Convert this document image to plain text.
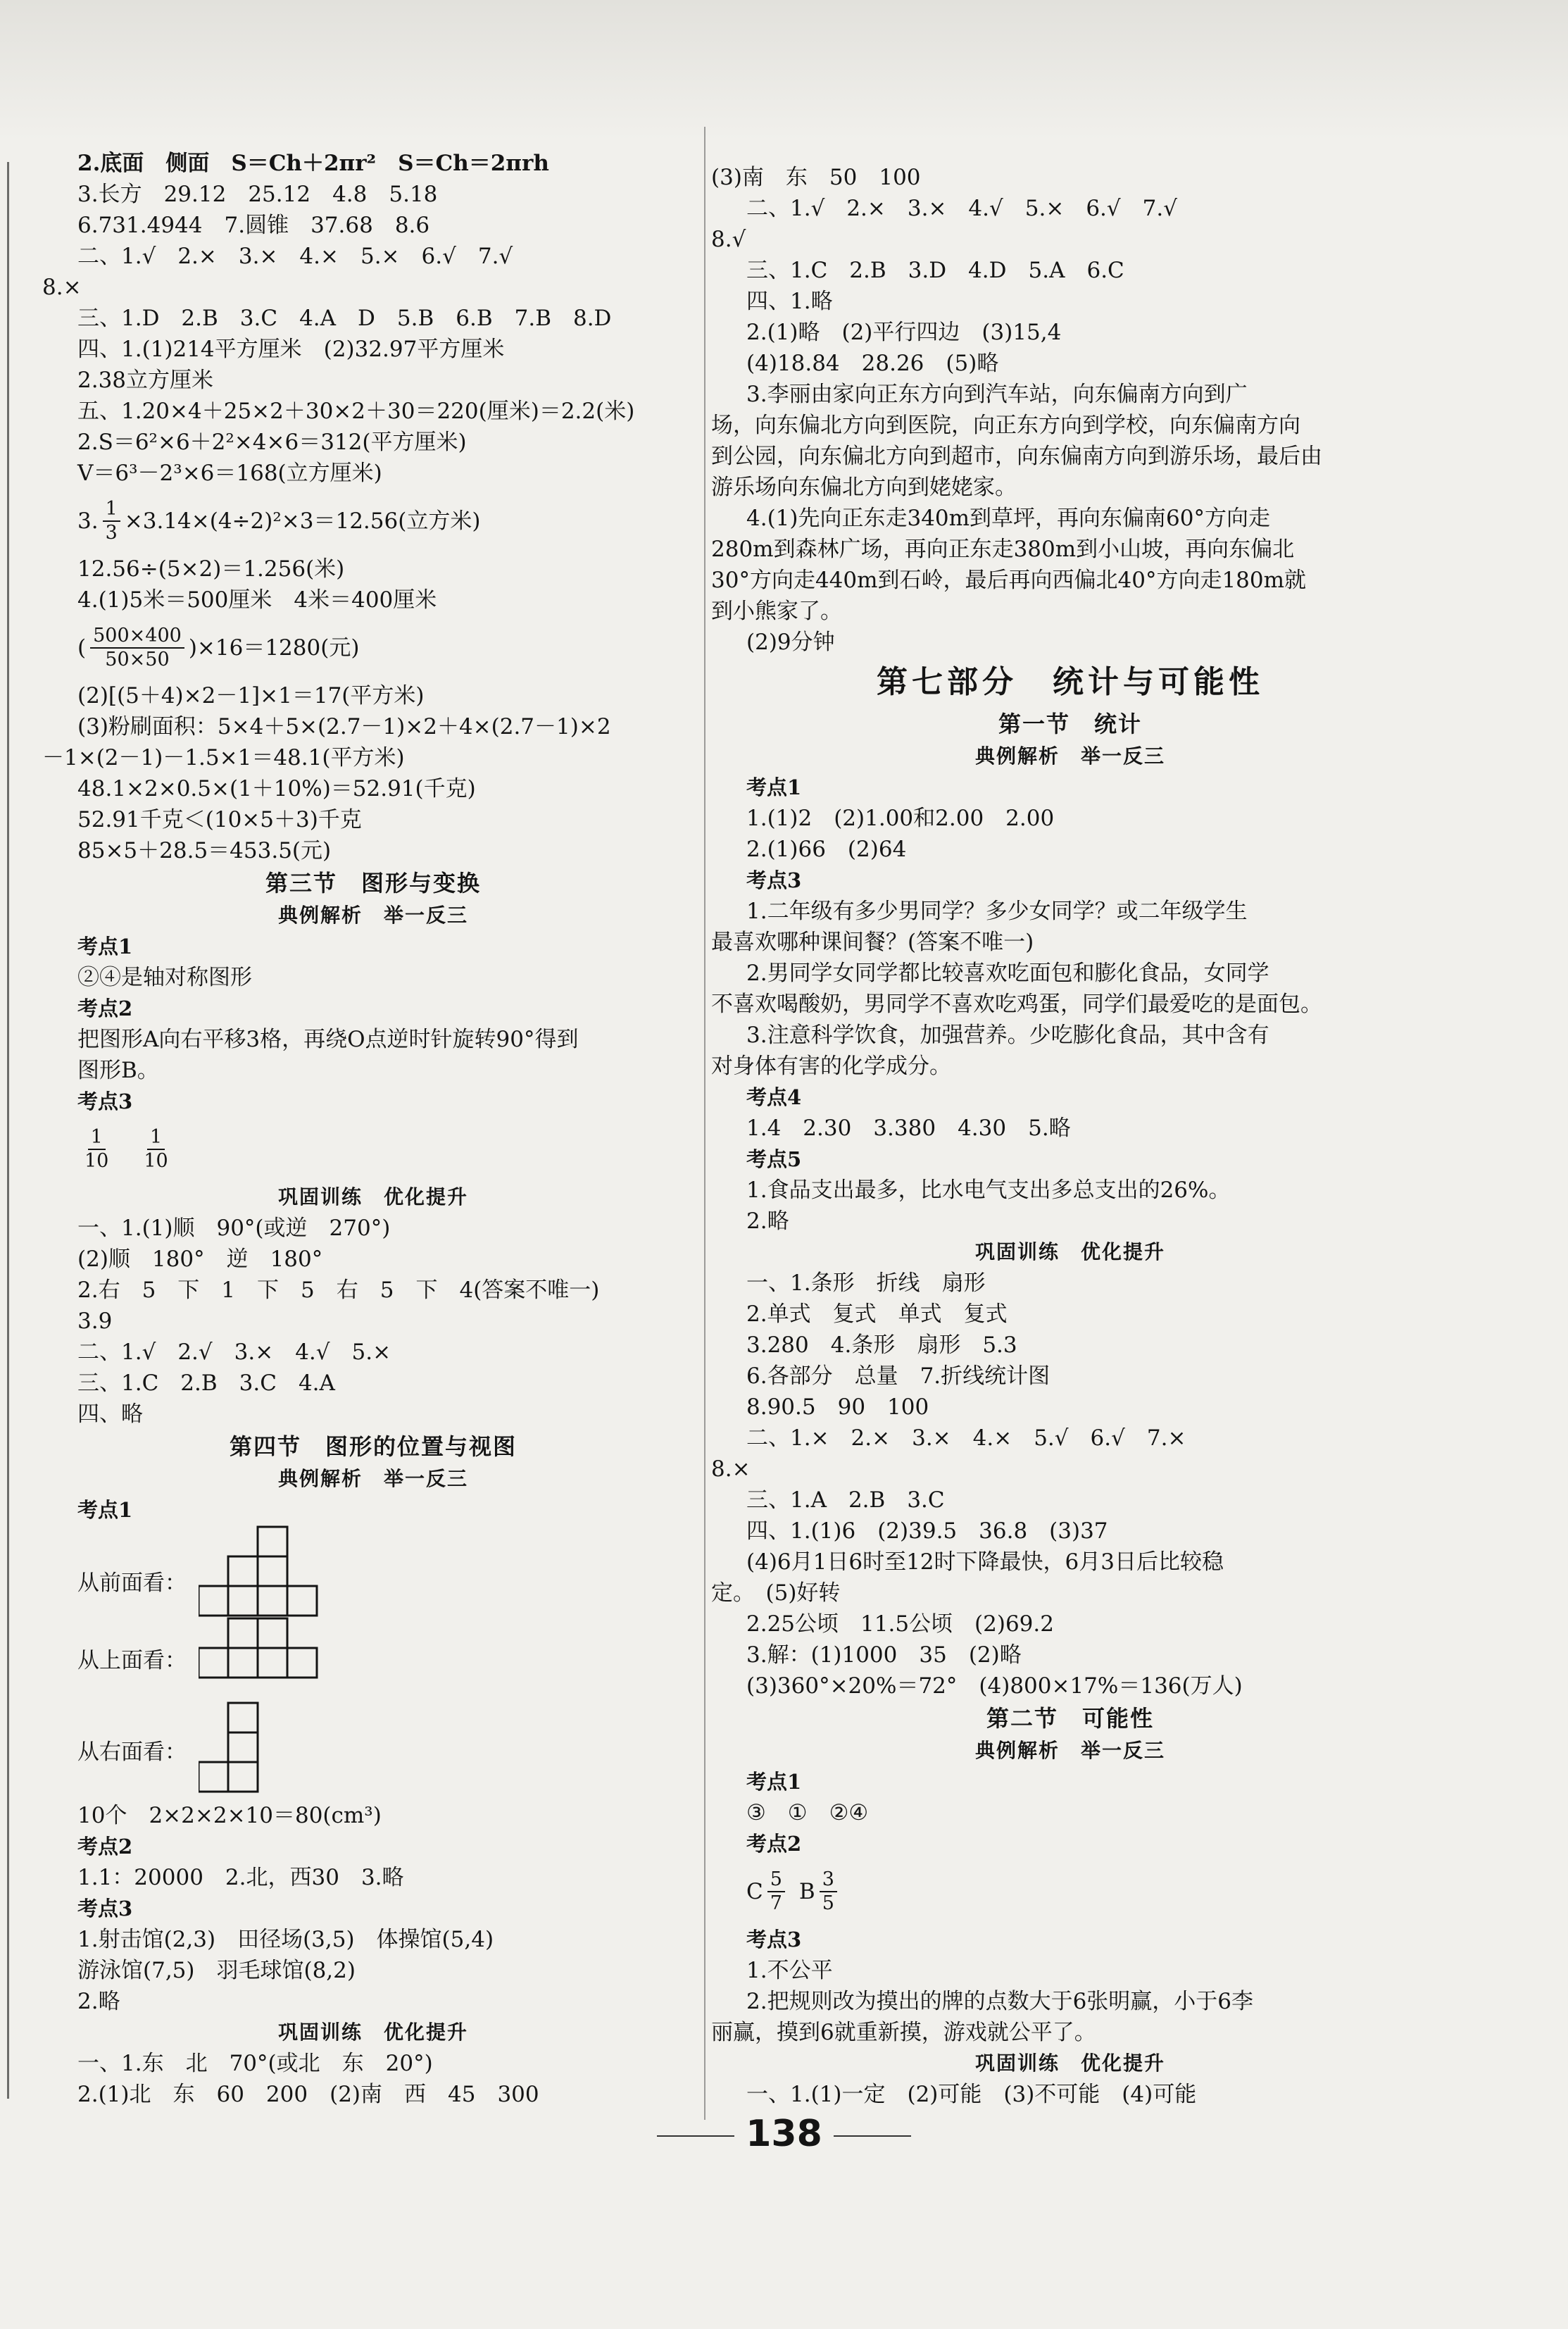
2.底面　侧面　S＝Ch＋2πr²　S＝Ch＝2πrh
3.长方　29.12　25.12　4.8　5.18
6.731.4944　7.圆锥　37.68　8.6
二、1.√　2.×　3.×　4.×　5.×　6.√　7.√
8.×
三、1.D　2.B　3.C　4.A　D　5.B　6.B　7.B　8.D
四、1.(1)214平方厘米　(2)32.97平方厘米
2.38立方厘米
五、1.20×4＋25×2＋30×2＋30＝220(厘米)＝2.2(米)
2.S＝6²×6＋2²×4×6＝312(平方厘米)
V＝6³－2³×6＝168(立方厘米)
3. $\frac{1}{3} \times 3.14\times(4\div 2)^2\times 3=12.56$(立方米)
12.56÷(5×2)＝1.256(米)
4.(1)5米＝500厘米　4米＝400厘米
( $\frac{500\times 400}{50\times 50} )\times 16=1280$(元)
(2)[(5＋4)×2－1]×1＝17(平方米)
(3)粉刷面积：5×4＋5×(2.7－1)×2＋4×(2.7－1)×2
－1×(2－1)－1.5×1＝48.1(平方米)
48.1×2×0.5×(1＋10%)＝52.91(千克)
52.91千克＜(10×5＋3)千克
85×5＋28.5＝453.5(元)
第三节　图形与变换
典例解析　举一反三
考点1
②④是轴对称图形
考点2
把图形A向右平移3格，再绕O点逆时针旋转90°得到
图形B。
考点3
$\frac{1}{10} \frac{1}{10}$
巩固训练　优化提升
一、1.(1)顺　90°(或逆　270°)
(2)顺　180°　逆　180°
2.右　5　下　1　下　5　右　5　下　4(答案不唯一)
3.9
二、1.√　2.√　3.×　4.√　5.×
三、1.C　2.B　3.C　4.A
四、略
第四节　图形的位置与视图
典例解析　举一反三
考点1
从前面看：
从上面看：
从右面看：
10个　2×2×2×10＝80(cm³)
考点2
1.1：20000　2.北，西30　3.略
考点3
1.射击馆(2,3)　田径场(3,5)　体操馆(5,4)
游泳馆(7,5)　羽毛球馆(8,2)
2.略
巩固训练　优化提升
一、1.东　北　70°(或北　东　20°)
2.(1)北　东　60　200　(2)南　西　45　300
(3)南　东　50　100
二、1.√　2.×　3.×　4.√　5.×　6.√　7.√
8.√
三、1.C　2.B　3.D　4.D　5.A　6.C
四、1.略
2.(1)略　(2)平行四边　(3)15,4
(4)18.84　28.26　(5)略
3.李丽由家向正东方向到汽车站，向东偏南方向到广
场，向东偏北方向到医院，向正东方向到学校，向东偏南方向
到公园，向东偏北方向到超市，向东偏南方向到游乐场，最后由
游乐场向东偏北方向到姥姥家。
4.(1)先向正东走340m到草坪，再向东偏南60°方向走
280m到森林广场，再向正东走380m到小山坡，再向东偏北
30°方向走440m到石岭，最后再向西偏北40°方向走180m就
到小熊家了。
(2)9分钟
第七部分　统计与可能性
第一节　统计
典例解析　举一反三
考点1
1.(1)2　(2)1.00和2.00　2.00
2.(1)66　(2)64
考点3
1.二年级有多少男同学？多少女同学？或二年级学生
最喜欢哪种课间餐？(答案不唯一)
2.男同学女同学都比较喜欢吃面包和膨化食品，女同学
不喜欢喝酸奶，男同学不喜欢吃鸡蛋，同学们最爱吃的是面包。
3.注意科学饮食，加强营养。少吃膨化食品，其中含有
对身体有害的化学成分。
考点4
1.4　2.30　3.380　4.30　5.略
考点5
1.食品支出最多，比水电气支出多总支出的26%。
2.略
巩固训练　优化提升
一、1.条形　折线　扇形
2.单式　复式　单式　复式
3.280　4.条形　扇形　5.3
6.各部分　总量　7.折线统计图
8.90.5　90　100
二、1.×　2.×　3.×　4.×　5.√　6.√　7.×
8.×
三、1.A　2.B　3.C
四、1.(1)6　(2)39.5　36.8　(3)37
(4)6月1日6时至12时下降最快，6月3日后比较稳
定。　(5)好转
2.25公顷　11.5公顷　(2)69.2
3.解：(1)1000　35　(2)略
(3)360°×20%＝72°　(4)800×17%＝136(万人)
第二节　可能性
典例解析　举一反三
考点1
③　①　②④
考点2
C $\frac{5}{7}$ B $\frac{3}{5}$
考点3
1.不公平
2.把规则改为摸出的牌的点数大于6张明赢，小于6李
丽赢，摸到6就重新摸，游戏就公平了。
巩固训练　优化提升
一、1.(1)一定　(2)可能　(3)不可能　(4)可能
138
